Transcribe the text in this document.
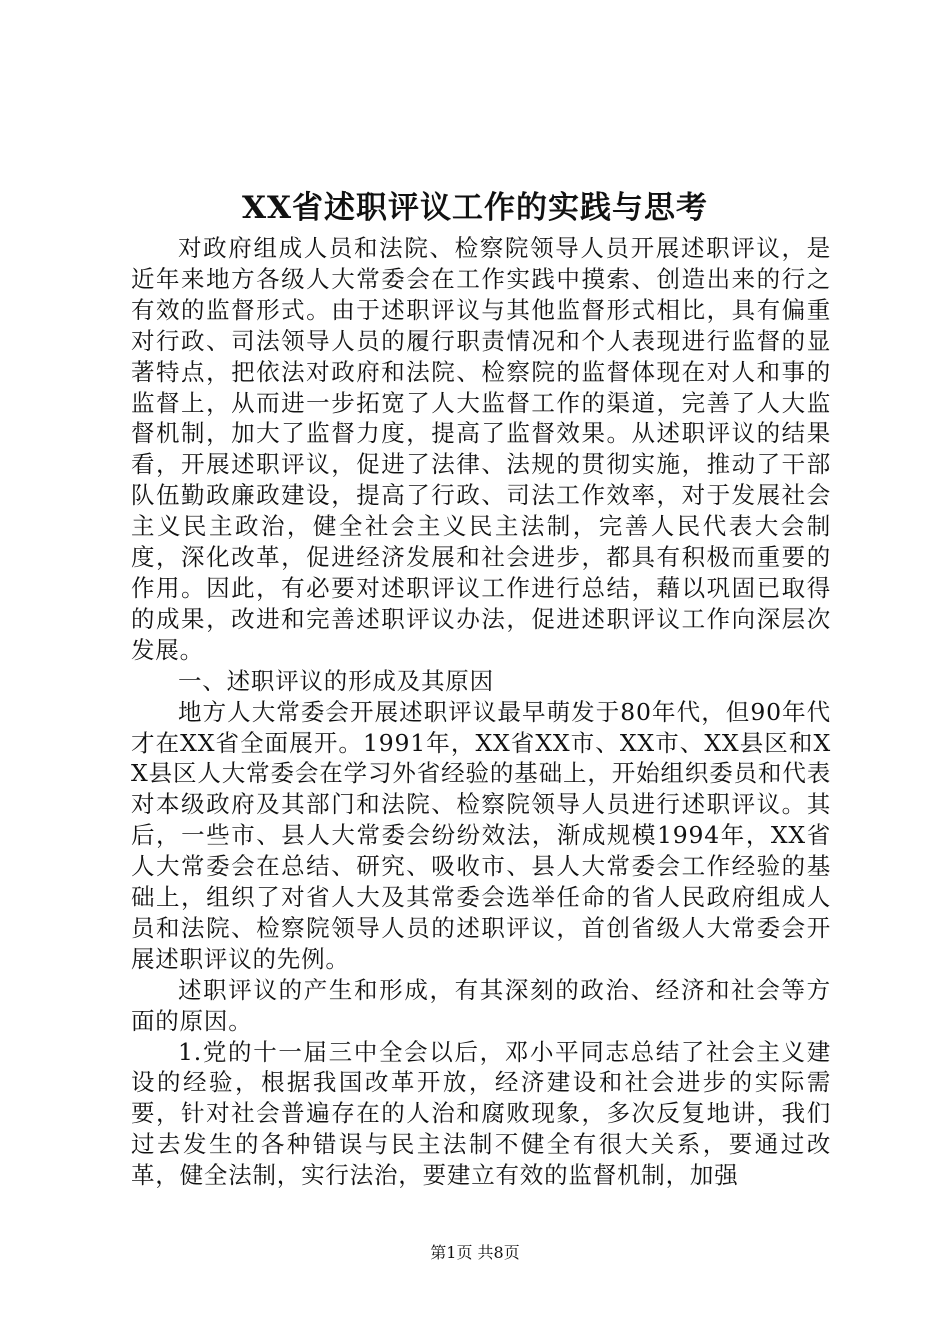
XX省述职评议工作的实践与思考

对政府组成人员和法院、检察院领导人员开展述职评议，是近年来地方各级人大常委会在工作实践中摸索、创造出来的行之有效的监督形式。由于述职评议与其他监督形式相比，具有偏重对行政、司法领导人员的履行职责情况和个人表现进行监督的显著特点，把依法对政府和法院、检察院的监督体现在对人和事的监督上，从而进一步拓宽了人大监督工作的渠道，完善了人大监督机制，加大了监督力度，提高了监督效果。从述职评议的结果看，开展述职评议，促进了法律、法规的贯彻实施，推动了干部队伍勤政廉政建设，提高了行政、司法工作效率，对于发展社会主义民主政治，健全社会主义民主法制，完善人民代表大会制度，深化改革，促进经济发展和社会进步，都具有积极而重要的作用。因此，有必要对述职评议工作进行总结，藉以巩固已取得的成果，改进和完善述职评议办法，促进述职评议工作向深层次发展。

一、述职评议的形成及其原因

地方人大常委会开展述职评议最早萌发于80年代，但90年代才在XX省全面展开。1991年，XX省XX市、XX市、XX县区和XX县区人大常委会在学习外省经验的基础上，开始组织委员和代表对本级政府及其部门和法院、检察院领导人员进行述职评议。其后，一些市、县人大常委会纷纷效法，渐成规模1994年，XX省人大常委会在总结、研究、吸收市、县人大常委会工作经验的基础上，组织了对省人大及其常委会选举任命的省人民政府组成人员和法院、检察院领导人员的述职评议，首创省级人大常委会开展述职评议的先例。

述职评议的产生和形成，有其深刻的政治、经济和社会等方面的原因。

1.党的十一届三中全会以后，邓小平同志总结了社会主义建设的经验，根据我国改革开放，经济建设和社会进步的实际需要，针对社会普遍存在的人治和腐败现象，多次反复地讲，我们过去发生的各种错误与民主法制不健全有很大关系，要通过改革，健全法制，实行法治，要建立有效的监督机制，加强

第1页 共8页
